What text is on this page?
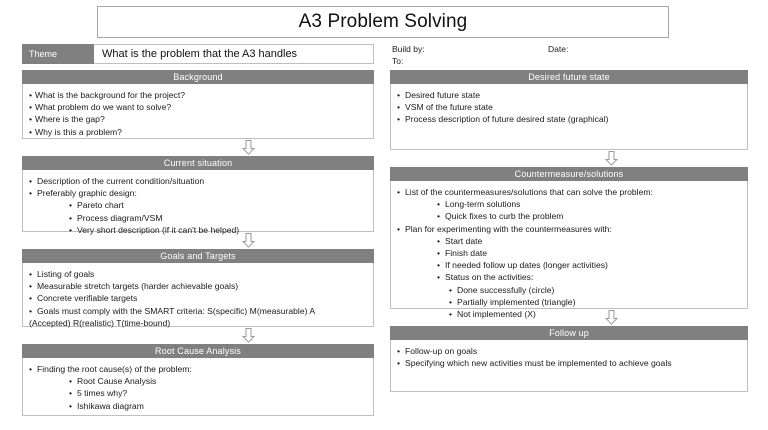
A3 Problem Solving
Theme	What is the problem that the A3 handles
Background
• What is the background for the project?
• What problem do we want to solve?
• Where is the gap?
• Why is this a problem?
Current situation
• Description of the current condition/situation
• Preferably graphic design:
• Pareto chart
• Process diagram/VSM
• Very short description (if it can't be helped)
Goals and Targets
• Listing of goals
• Measurable stretch targets (harder achievable goals)
• Concrete verifiable targets
• Goals must comply with the SMART criteria: S(specific) M(measurable) A
(Accepted) R(realistic) T(time-bound)
Root Cause Analysis
• Finding the root cause(s) of the problem:
• Root Cause Analysis
• 5 times why?
• Ishikawa diagram
Build by:	Date:
To:
Desired future state
• Desired future state
• VSM of the future state
• Process description of future desired state (graphical)
Countermeasure/solutions
• List of the countermeasures/solutions that can solve the problem:
• Long-term solutions
• Quick fixes to curb the problem
• Plan for experimenting with the countermeasures with:
• Start date
• Finish date
• If needed follow up dates (longer activities)
• Status on the activities:
• Done successfully (circle)
• Partially implemented (triangle)
• Not implemented (X)
Follow up
• Follow-up on goals
• Specifying which new activities must be implemented to achieve goals
